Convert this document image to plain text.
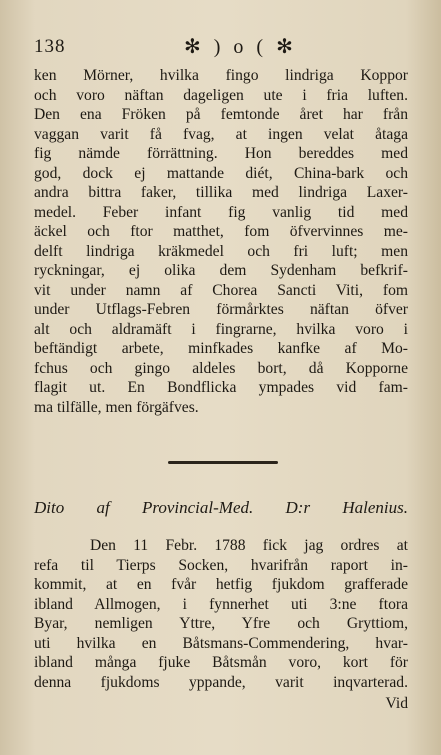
138	✻ ) o ( ✻
ken Mörner, hvilka fingo lindriga Koppor
och voro näftan dageligen ute i fria luften.
Den ena Fröken på femtonde året har från
vaggan varit få fvag, at ingen velat åtaga
fig nämde förrättning. Hon bereddes med
god, dock ej mattande diét, China-bark och
andra bittra faker, tillika med lindriga Laxer-
medel. Feber infant fig vanlig tid med
äckel och ftor matthet, fom öfvervinnes me-
delft lindriga kräkmedel och fri luft; men
ryckningar, ej olika dem Sydenham befkrif-
vit under namn af Chorea Sancti Viti, fom
under Utflags-Febren förmårktes näftan öfver
alt och aldramäft i fingrarne, hvilka voro i
beftändigt arbete, minfkades kanfke af Mo-
fchus och gingo aldeles bort, då Kopporne
flagit ut. En Bondflicka ympades vid fam-
ma tilfälle, men förgäfves.
Dito af Provincial-Med. D:r Halenius.
Den 11 Febr. 1788 fick jag ordres at
refa til Tierps Socken, hvarifrån raport in-
kommit, at en fvår hetfig fjukdom grafferade
ibland Allmogen, i fynnerhet uti 3:ne ftora
Byar, nemligen Yttre, Yfre och Gryttiom,
uti hvilka en Båtsmans-Commendering, hvar-
ibland många fjuke Båtsmån voro, kort för
denna fjukdoms yppande, varit inqvarterad.
Vid
